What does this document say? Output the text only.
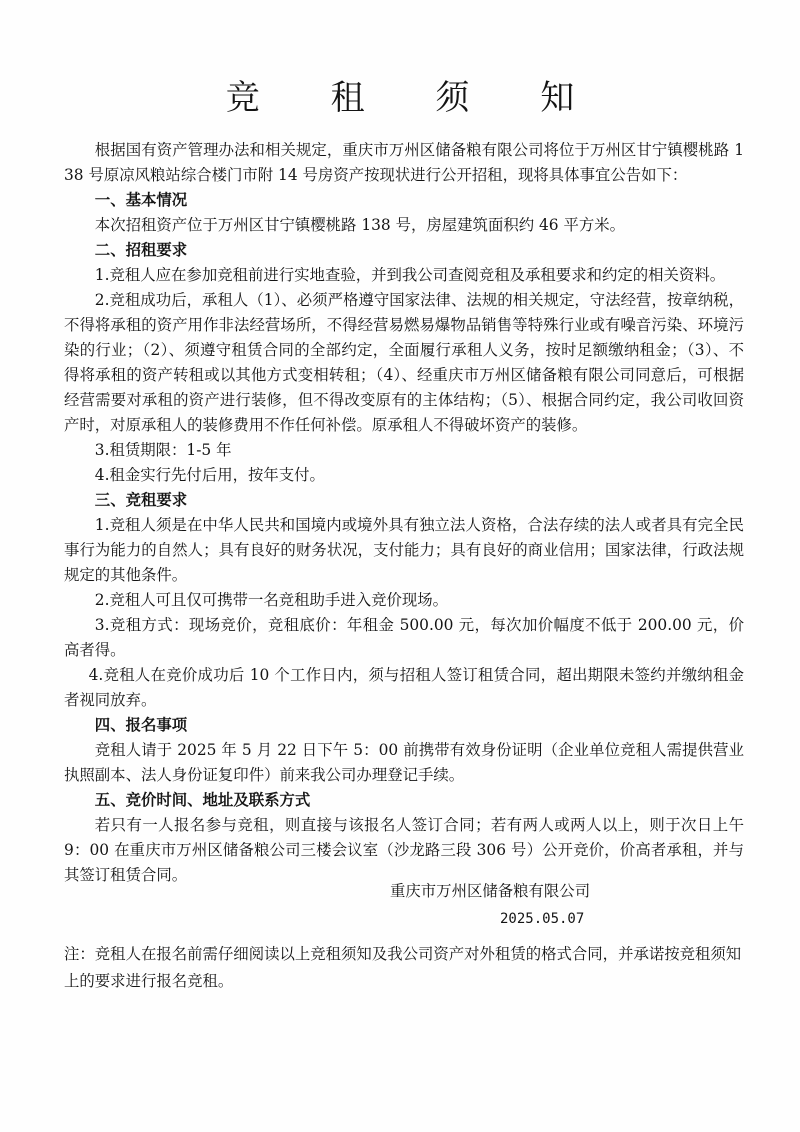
竞 租 须 知

根据国有资产管理办法和相关规定，重庆市万州区储备粮有限公司将位于万州区甘宁镇樱桃路 138 号原凉风粮站综合楼门市附 14 号房资产按现状进行公开招租，现将具体事宜公告如下：

一、基本情况

本次招租资产位于万州区甘宁镇樱桃路 138 号，房屋建筑面积约 46 平方米。

二、招租要求

1.竞租人应在参加竞租前进行实地查验，并到我公司查阅竞租及承租要求和约定的相关资料。

2.竞租成功后，承租人（1）、必须严格遵守国家法律、法规的相关规定，守法经营，按章纳税，不得将承租的资产用作非法经营场所，不得经营易燃易爆物品销售等特殊行业或有噪音污染、环境污染的行业；（2）、须遵守租赁合同的全部约定，全面履行承租人义务，按时足额缴纳租金；（3）、不得将承租的资产转租或以其他方式变相转租；（4）、经重庆市万州区储备粮有限公司同意后，可根据经营需要对承租的资产进行装修，但不得改变原有的主体结构；（5）、根据合同约定，我公司收回资产时，对原承租人的装修费用不作任何补偿。原承租人不得破坏资产的装修。

3.租赁期限：1-5 年

4.租金实行先付后用，按年支付。

三、竞租要求

1.竞租人须是在中华人民共和国境内或境外具有独立法人资格，合法存续的法人或者具有完全民事行为能力的自然人；具有良好的财务状况，支付能力；具有良好的商业信用；国家法律，行政法规规定的其他条件。

2.竞租人可且仅可携带一名竞租助手进入竞价现场。

3.竞租方式：现场竞价，竞租底价：年租金 500.00 元，每次加价幅度不低于 200.00 元，价高者得。

4.竞租人在竞价成功后 10 个工作日内，须与招租人签订租赁合同，超出期限未签约并缴纳租金者视同放弃。

四、报名事项

竞租人请于 2025 年 5 月 22 日下午 5：00 前携带有效身份证明（企业单位竞租人需提供营业执照副本、法人身份证复印件）前来我公司办理登记手续。

五、竞价时间、地址及联系方式

若只有一人报名参与竞租，则直接与该报名人签订合同；若有两人或两人以上，则于次日上午 9：00 在重庆市万州区储备粮公司三楼会议室（沙龙路三段 306 号）公开竞价，价高者承租，并与其签订租赁合同。

重庆市万州区储备粮有限公司
2025.05.07
注：竞租人在报名前需仔细阅读以上竞租须知及我公司资产对外租赁的格式合同，并承诺按竞租须知上的要求进行报名竞租。
